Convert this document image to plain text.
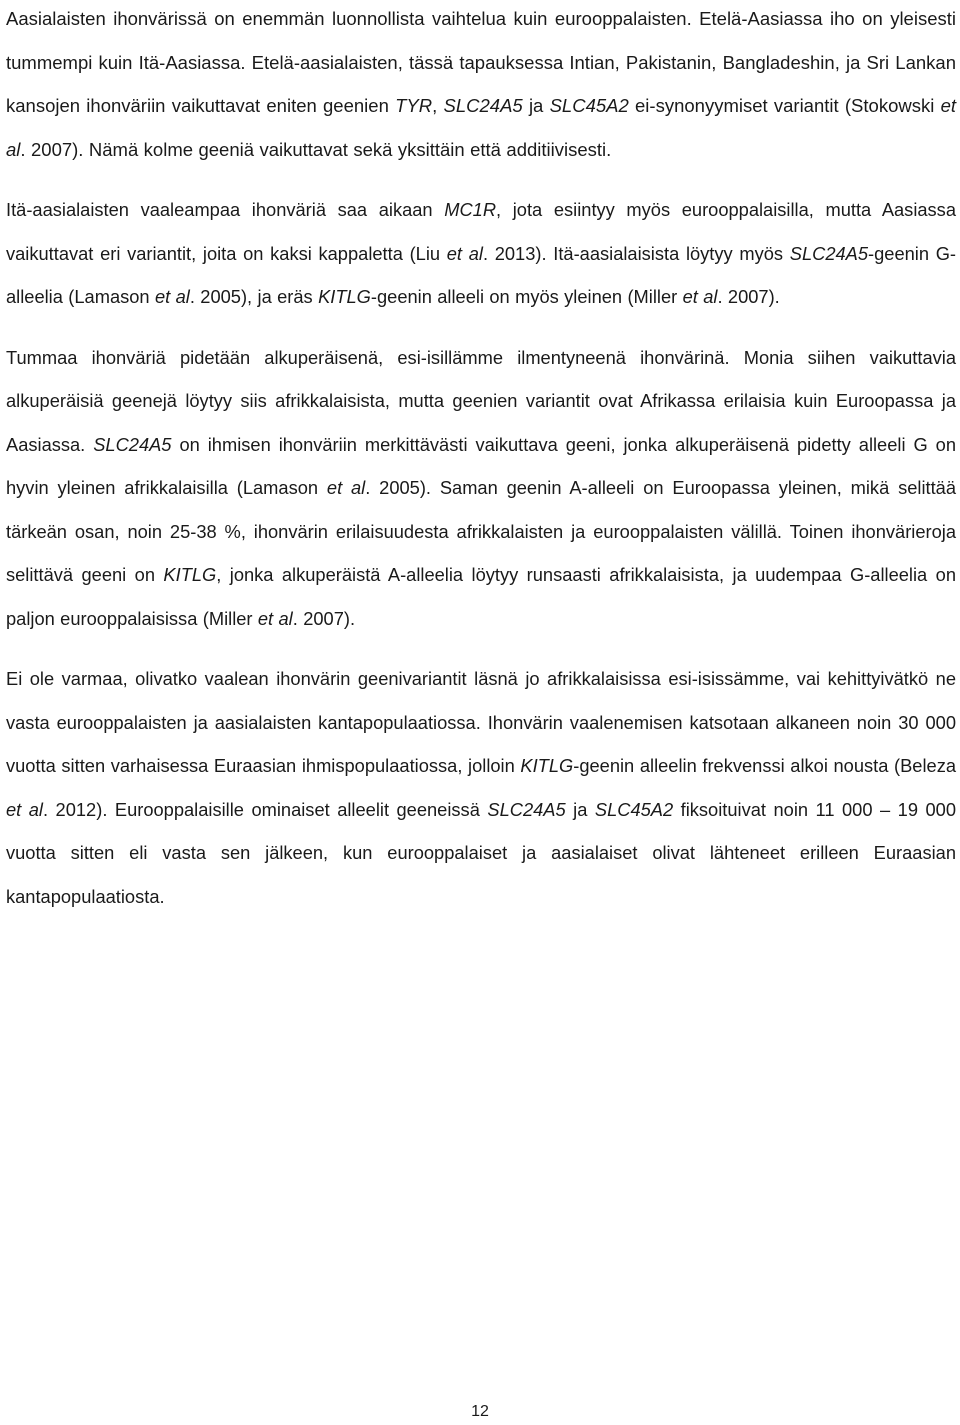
Aasialaisten ihonvärissä on enemmän luonnollista vaihtelua kuin eurooppalaisten. Etelä-Aasiassa iho on yleisesti tummempi kuin Itä-Aasiassa. Etelä-aasialaisten, tässä tapauksessa Intian, Pakistanin, Bangladeshin, ja Sri Lankan kansojen ihonväriin vaikuttavat eniten geenien TYR, SLC24A5 ja SLC45A2 ei-synonyymiset variantit (Stokowski et al. 2007). Nämä kolme geeniä vaikuttavat sekä yksittäin että additiivisesti.

Itä-aasialaisten vaaleampaa ihonväriä saa aikaan MC1R, jota esiintyy myös eurooppalaisilla, mutta Aasiassa vaikuttavat eri variantit, joita on kaksi kappaletta (Liu et al. 2013). Itä-aasialaisista löytyy myös SLC24A5-geenin G-alleelia (Lamason et al. 2005), ja eräs KITLG-geenin alleeli on myös yleinen (Miller et al. 2007).

Tummaa ihonväriä pidetään alkuperäisenä, esi-isillämme ilmentyneenä ihonvärinä. Monia siihen vaikuttavia alkuperäisiä geenejä löytyy siis afrikkalaisista, mutta geenien variantit ovat Afrikassa erilaisia kuin Euroopassa ja Aasiassa. SLC24A5 on ihmisen ihonväriin merkittävästi vaikuttava geeni, jonka alkuperäisenä pidetty alleeli G on hyvin yleinen afrikkalaisilla (Lamason et al. 2005). Saman geenin A-alleeli on Euroopassa yleinen, mikä selittää tärkeän osan, noin 25-38 %, ihonvärin erilaisuudesta afrikkalaisten ja eurooppalaisten välillä. Toinen ihonvärieroja selittävä geeni on KITLG, jonka alkuperäistä A-alleelia löytyy runsaasti afrikkalaisista, ja uudempaa G-alleelia on paljon eurooppalaisissa (Miller et al. 2007).

Ei ole varmaa, olivatko vaalean ihonvärin geenivariantit läsnä jo afrikkalaisissa esi-isissämme, vai kehittyivätkö ne vasta eurooppalaisten ja aasialaisten kantapopulaatiossa. Ihonvärin vaalenemisen katsotaan alkaneen noin 30 000 vuotta sitten varhaisessa Euraasian ihmispopulaatiossa, jolloin KITLG-geenin alleelin frekvenssi alkoi nousta (Beleza et al. 2012). Eurooppalaisille ominaiset alleelit geeneissä SLC24A5 ja SLC45A2 fiksoituivat noin 11 000 – 19 000 vuotta sitten eli vasta sen jälkeen, kun eurooppalaiset ja aasialaiset olivat lähteneet erilleen Euraasian kantapopulaatiosta.

12
